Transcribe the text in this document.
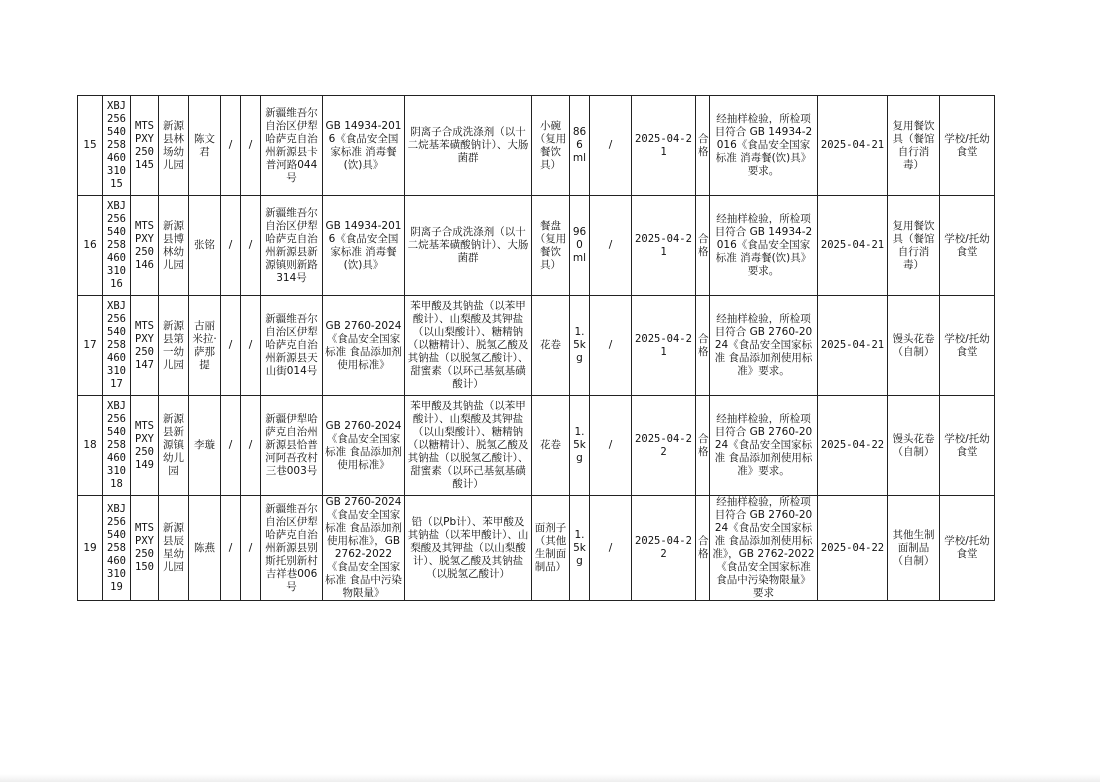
15	XBJ25654025846031015	MTSPXY250145	新源县林场幼儿园	陈文君	/	/	新疆维吾尔自治区伊犁哈萨克自治州新源县卡普河路044号	GB 14934-2016《食品安全国家标准 消毒餐(饮)具》	阴离子合成洗涤剂（以十二烷基苯磺酸钠计）、大肠菌群	小碗（复用餐饮具）	866ml	/	2025-04-21	合格	经抽样检验，所检项目符合 GB 14934-2016《食品安全国家标准 消毒餐(饮)具》 要求。	2025-04-21	复用餐饮具（餐馆自行消毒）	学校/托幼食堂
16	XBJ25654025846031016	MTSPXY250146	新源县博林幼儿园	张铭	/	/	新疆维吾尔自治区伊犁哈萨克自治州新源县新源镇则新路314号	GB 14934-2016《食品安全国家标准 消毒餐(饮)具》	阴离子合成洗涤剂（以十二烷基苯磺酸钠计）、大肠菌群	餐盘（复用餐饮具）	960ml	/	2025-04-21	合格	经抽样检验，所检项目符合 GB 14934-2016《食品安全国家标准 消毒餐(饮)具》 要求。	2025-04-21	复用餐饮具（餐馆自行消毒）	学校/托幼食堂
17	XBJ25654025846031017	MTSPXY250147	新源县第一幼儿园	古丽米拉·萨那提	/	/	新疆维吾尔自治区伊犁哈萨克自治州新源县天山街014号	GB 2760-2024《食品安全国家标准 食品添加剂使用标准》	苯甲酸及其钠盐（以苯甲酸计）、山梨酸及其钾盐（以山梨酸计）、糖精钠（以糖精计）、脱氢乙酸及其钠盐（以脱氢乙酸计）、甜蜜素（以环己基氨基磺酸计）	花卷	1.5kg	/	2025-04-21	合格	经抽样检验，所检项目符合 GB 2760-2024《食品安全国家标准 食品添加剂使用标准》要求。	2025-04-21	馒头花卷（自制）	学校/托幼食堂
18	XBJ25654025846031018	MTSPXY250149	新源县新源镇幼儿园	李璇	/	/	新疆伊犁哈萨克自治州新源县恰普河阿吾孜村三巷003号	GB 2760-2024《食品安全国家标准 食品添加剂使用标准》	苯甲酸及其钠盐（以苯甲酸计）、山梨酸及其钾盐（以山梨酸计）、糖精钠（以糖精计）、脱氢乙酸及其钠盐（以脱氢乙酸计）、甜蜜素（以环己基氨基磺酸计）	花卷	1.5kg	/	2025-04-22	合格	经抽样检验，所检项目符合 GB 2760-2024《食品安全国家标准 食品添加剂使用标准》要求。	2025-04-22	馒头花卷（自制）	学校/托幼食堂
19	XBJ25654025846031019	MTSPXY250150	新源县辰星幼儿园	陈燕	/	/	新疆维吾尔自治区伊犁哈萨克自治州新源县别斯托别新村吉祥巷006号	GB 2760-2024《食品安全国家标准 食品添加剂使用标准》，GB 2762-2022《食品安全国家标准 食品中污染物限量》	铅（以Pb计）、苯甲酸及其钠盐（以苯甲酸计）、山梨酸及其钾盐（以山梨酸计）、脱氢乙酸及其钠盐（以脱氢乙酸计）	面剂子（其他生制面制品）	1.5kg	/	2025-04-22	合格	经抽样检验，所检项目符合 GB 2760-2024《食品安全国家标准 食品添加剂使用标准》，GB 2762-2022《食品安全国家标准 食品中污染物限量》 要求	2025-04-22	其他生制面制品（自制）	学校/托幼食堂
